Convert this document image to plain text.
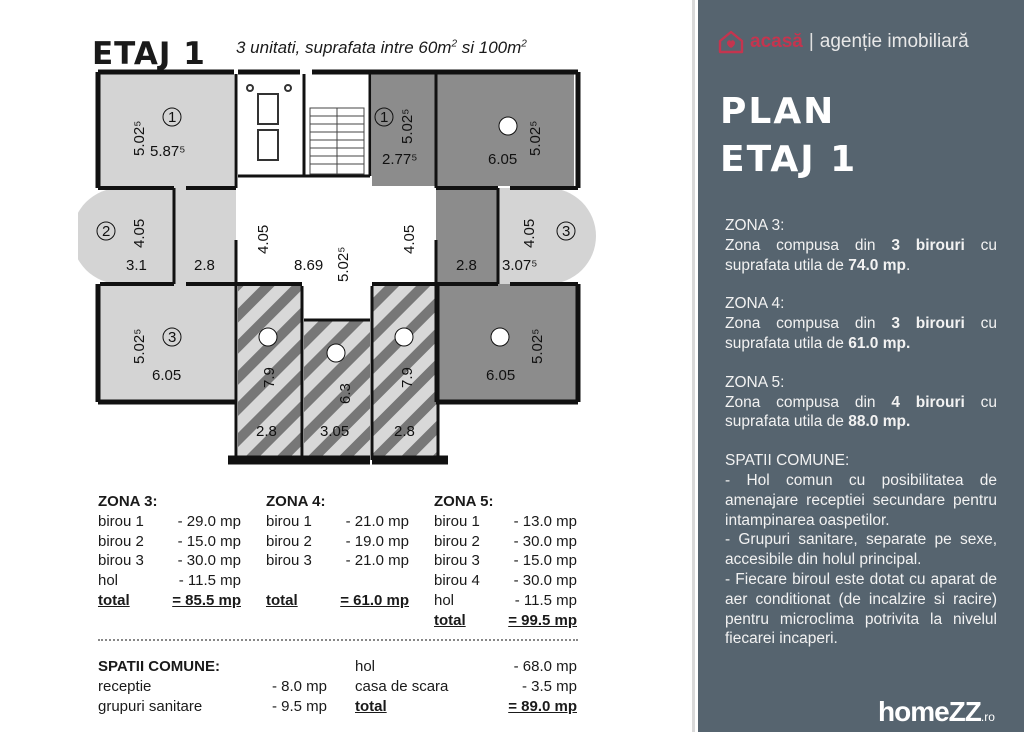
ETAJ 1 3 unitati, suprafata intre $60m^2$ si $100m^2$
1
5.02⁵ 5.87⁵
1 5.02⁵
2.77⁵
5.02⁵
6.05
2 4.05
3.1	2.8
4.05
8.69 5.02⁵
4.05
2.8
3
4.05
3.07⁵
3
5.02⁵
6.05	7.9
6.3
7.9
5.02⁵
6.05
2.8	3.05	2.8
ZONA 3:
birou 1 - 29.0 mp
birou 2 - 15.0 mp
birou 3 - 30.0 mp
hol	- 11.5 mp
total	= 85.5 mp
ZONA 4:
birou 1 - 21.0 mp
birou 2 - 19.0 mp
birou 3 - 21.0 mp

total	= 61.0 mp
ZONA 5:
birou 1 - 13.0 mp
birou 2 - 30.0 mp
birou 3 - 15.0 mp
birou 4 - 30.0 mp
hol	- 11.5 mp
total	= 99.5 mp
SPATII COMUNE:
receptie	- 8.0 mp
grupuri sanitare	- 9.5 mp
hol	- 68.0 mp
casa de scara	- 3.5 mp
total	= 89.0 mp
acasă | agenție imobiliară
PLAN
ETAJ 1

ZONA 3:
Zona compusa din 3 birouri cu suprafata utila de 74.0 mp.

ZONA 4:
Zona compusa din 3 birouri cu suprafata utila de 61.0 mp.

ZONA 5:
Zona compusa din 4 birouri cu suprafata utila de 88.0 mp.

SPATII COMUNE:
- Hol comun cu posibilitatea de amenajare receptiei secundare pentru intampinarea oaspetilor.
- Grupuri sanitare, separate pe sexe, accesibile din holul principal.
- Fiecare biroul este dotat cu aparat de aer conditionat (de incalzire si racire) pentru microclima potrivita la nivelul fiecarei incaperi.
homeZZ.ro
